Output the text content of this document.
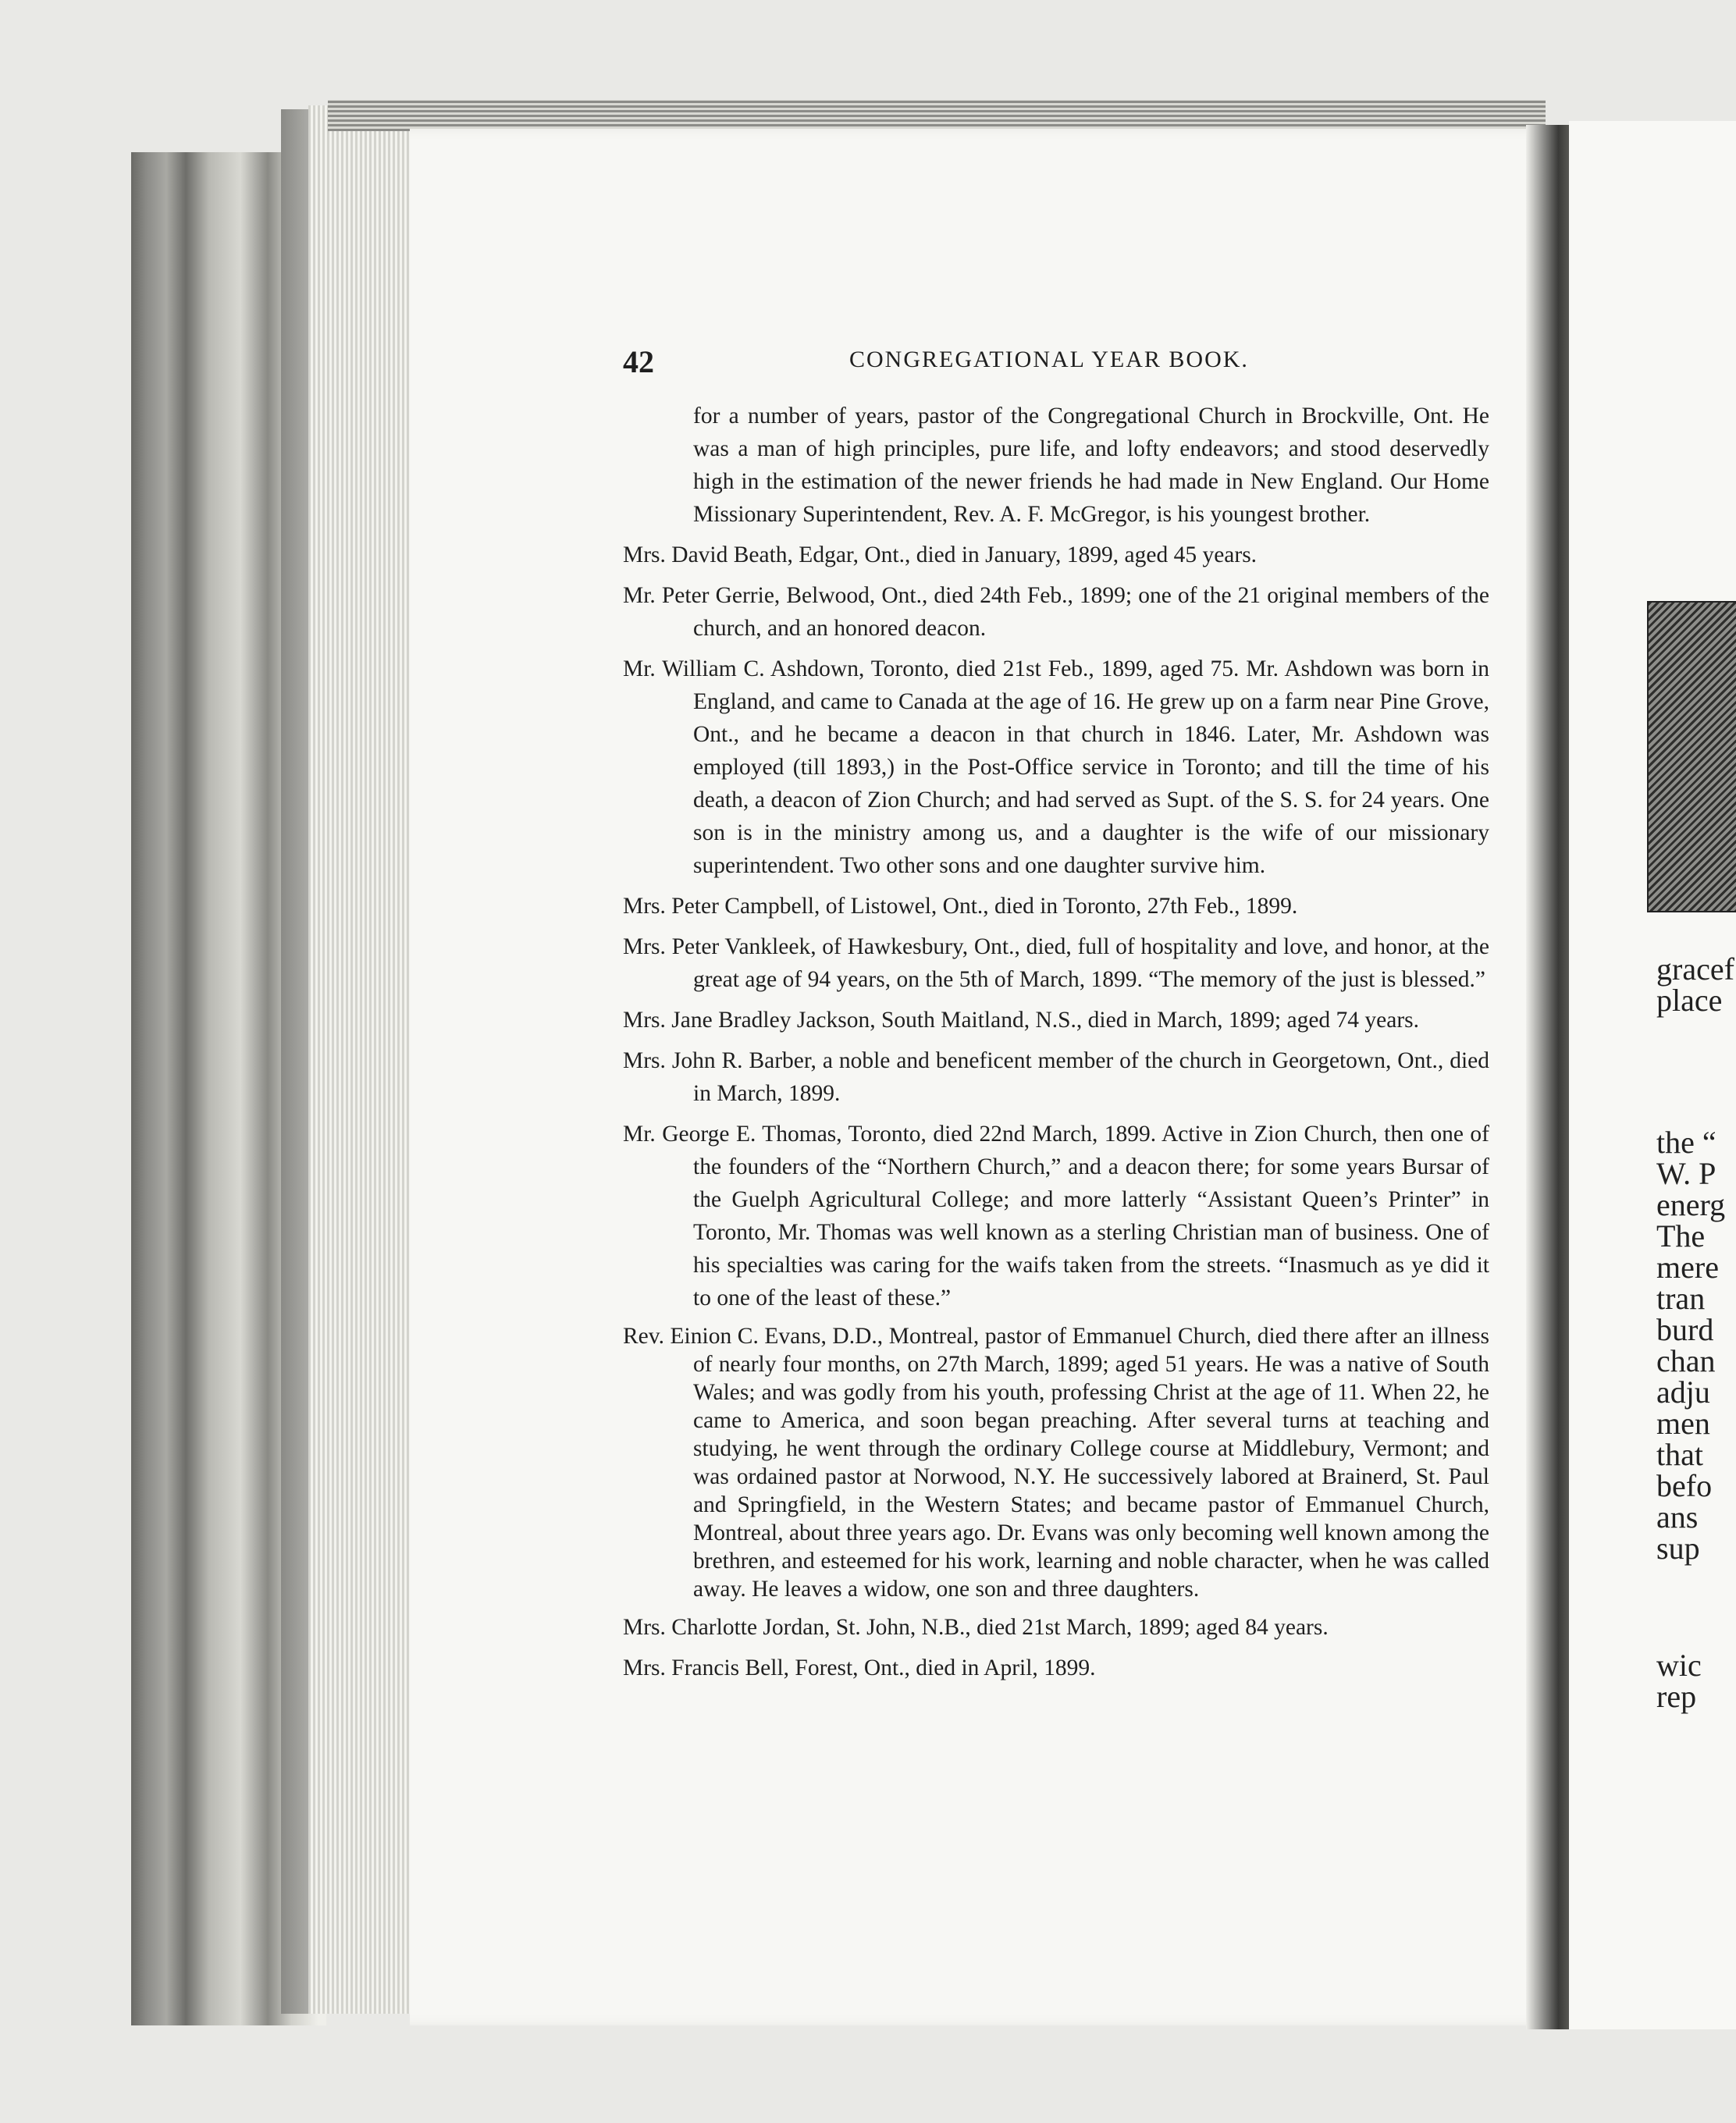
42	CONGREGATIONAL YEAR BOOK.

for a number of years, pastor of the Congregational Church in Brockville, Ont. He was a man of high principles, pure life, and lofty endeavors; and stood deservedly high in the estimation of the newer friends he had made in New England. Our Home Missionary Superintendent, Rev. A. F. McGregor, is his youngest brother.

Mrs. David Beath, Edgar, Ont., died in January, 1899, aged 45 years.

Mr. Peter Gerrie, Belwood, Ont., died 24th Feb., 1899; one of the 21 original members of the church, and an honored deacon.

Mr. William C. Ashdown, Toronto, died 21st Feb., 1899, aged 75. Mr. Ashdown was born in England, and came to Canada at the age of 16. He grew up on a farm near Pine Grove, Ont., and he became a deacon in that church in 1846. Later, Mr. Ashdown was employed (till 1893,) in the Post-Office service in Toronto; and till the time of his death, a deacon of Zion Church; and had served as Supt. of the S. S. for 24 years. One son is in the ministry among us, and a daughter is the wife of our missionary superintendent. Two other sons and one daughter survive him.

Mrs. Peter Campbell, of Listowel, Ont., died in Toronto, 27th Feb., 1899.

Mrs. Peter Vankleek, of Hawkesbury, Ont., died, full of hospitality and love, and honor, at the great age of 94 years, on the 5th of March, 1899. “The memory of the just is blessed.”

Mrs. Jane Bradley Jackson, South Maitland, N.S., died in March, 1899; aged 74 years.

Mrs. John R. Barber, a noble and beneficent member of the church in Georgetown, Ont., died in March, 1899.

Mr. George E. Thomas, Toronto, died 22nd March, 1899. Active in Zion Church, then one of the founders of the “Northern Church,” and a deacon there; for some years Bursar of the Guelph Agricultural College; and more latterly “Assistant Queen’s Printer” in Toronto, Mr. Thomas was well known as a sterling Christian man of business. One of his specialties was caring for the waifs taken from the streets. “Inasmuch as ye did it to one of the least of these.”

Rev. Einion C. Evans, D.D., Montreal, pastor of Emmanuel Church, died there after an illness of nearly four months, on 27th March, 1899; aged 51 years. He was a native of South Wales; and was godly from his youth, professing Christ at the age of 11. When 22, he came to America, and soon began preaching. After several turns at teaching and studying, he went through the ordinary College course at Middlebury, Vermont; and was ordained pastor at Norwood, N.Y. He successively labored at Brainerd, St. Paul and Springfield, in the Western States; and became pastor of Emmanuel Church, Montreal, about three years ago. Dr. Evans was only becoming well known among the brethren, and esteemed for his work, learning and noble character, when he was called away. He leaves a widow, one son and three daughters.

Mrs. Charlotte Jordan, St. John, N.B., died 21st March, 1899; aged 84 years.

Mrs. Francis Bell, Forest, Ont., died in April, 1899.

gracef
place
the “
W. P
energ
The
mere
tran
burd
chan
adju
men
that
befo
ans
sup
wic
rep
